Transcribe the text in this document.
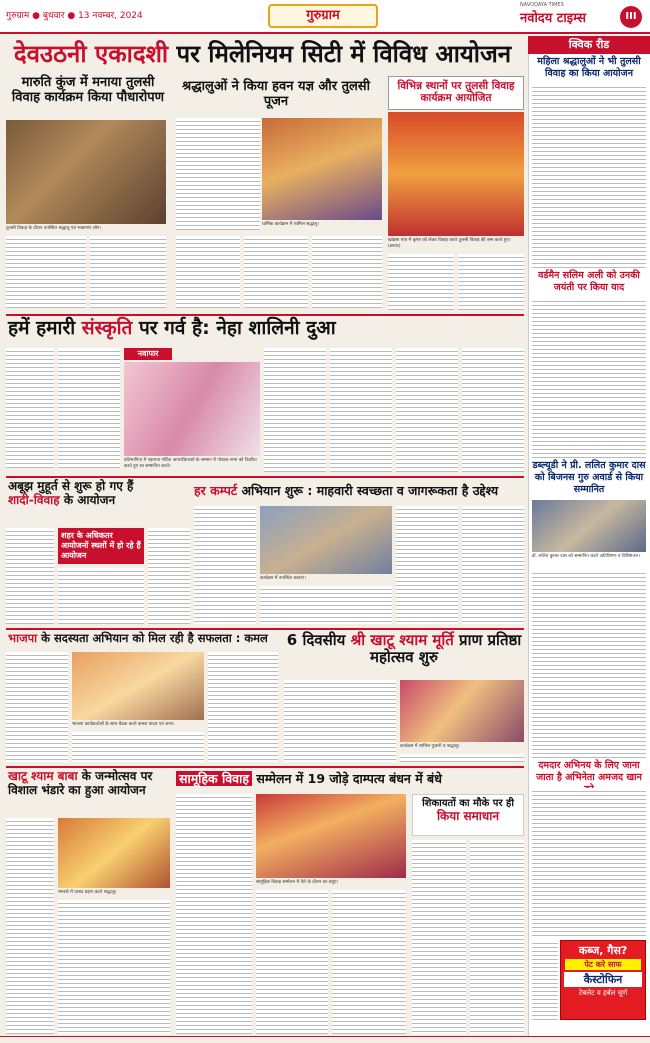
गुरुग्राम ● बुधवार ● 13 नवम्बर, 2024	गुरुग्राम
NAVODAYA TIMES
नवोदय टाइम्स	III
देवउठनी एकादशी पर मिलेनियम सिटी में विविध आयोजन
मारुति कुंज में मनाया तुलसी विवाह कार्यक्रम किया पौधारोपण
तुलसी विवाह के दौरान उपस्थित श्रद्धालु एवं भक्तगण लोग।
श्रद्धालुओं ने किया हवन यज्ञ और तुलसी पूजन
धार्मिक कार्यक्रम में शामिल श्रद्धालु।
विभिन्न स्थानों पर तुलसी विवाह कार्यक्रम आयोजित
खांडसा गांव में कृष्ण को लेकर विवाह करते तुलसी विवाह की रस्म करते हुए। (छायाः)
हमें हमारी संस्कृति पर गर्व है: नेहा शालिनी दुआ
नवापार
प्रतिभागिता में पहनाया गर्विता अपराजिताओं के सम्मान में पोशाक सभा को वितरित करते हुए स्व सम्मानित करते।
अबूझ मुहूर्त से शुरू हो गए हैं शादी-विवाह के आयोजन
शहर के अधिकतर आयोजनों स्थलों में हो रहे हैं आयोजन
हर कम्पर्ट अभियान शुरू : माहवारी स्वच्छता व जागरूकता है उद्देश्य
कार्यक्रम में उपस्थित छात्राएं।
भाजपा के सदस्यता अभियान को मिल रही है सफलता : कमल
भाजपा कार्यकर्ताओं के साथ बैठक करते कमल यादव एवं अन्य।
6 दिवसीय श्री खाटू श्याम मूर्ति प्राण प्रतिष्ठा महोत्सव शुरु
कार्यक्रम में शामिल पुजारी व श्रद्धालु।
खाटू श्याम बाबा के जन्मोत्सव पर विशाल भंडारे का हुआ आयोजन
भण्डारे में प्रसाद ग्रहण करते श्रद्धालु।
सामूहिक विवाह सम्मेलन में 19 जोड़े दाम्पत्य बंधन में बंधे
सामूहिक विवाह सम्मेलन में फेरे के दौरान वर-वधूएं।
शिकायतों का मौके पर ही
किया समाधान
क्विक रीड
महिला श्रद्धालुओं ने भी तुलसी विवाह का किया आयोजन
वर्डमैन सलिम अली को उनकी जयंती पर किया याद
डब्ल्यूडी ने प्री. ललित कुमार दास को बिजनस गुरु अवार्ड से किया सम्मानित
डॉ. ललित कुमार दास को सम्मानित करते अतिथिगण व विशिष्टजन।
दमदार अभिनय के लिए जाना जाता है अभिनेता अमजद खान
कब्ज, गैस?
पेट करे साफ
कैस्टोफिन
टेबलेट व हर्बल चूर्ण
